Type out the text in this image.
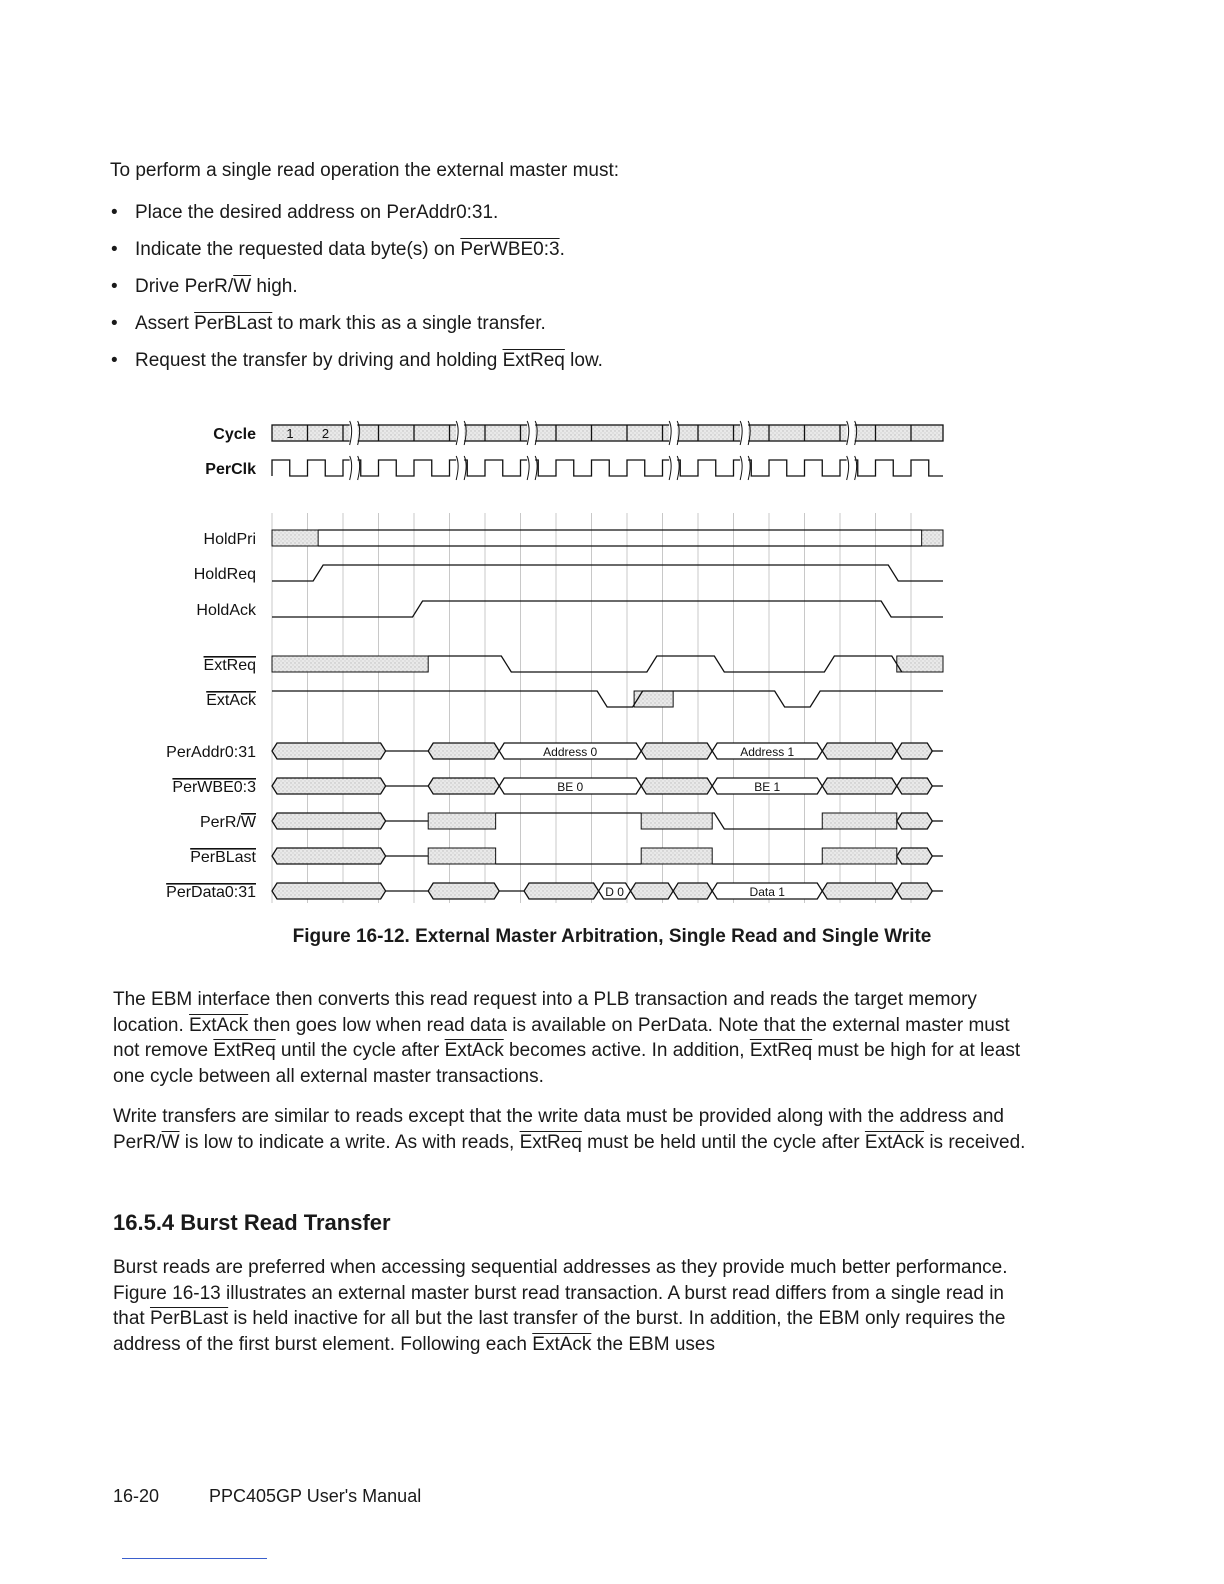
To perform a single read operation the external master must:
• Place the desired address on PerAddr0:31.
• Indicate the requested data byte(s) on PerWBE0:3.
• Drive PerR/$\overline{W}$ high.
• Assert PerBLast to mark this as a single transfer.
• Request the transfer by driving and holding ExtReq low.
Cycle
PerClk
HoldPri
HoldReq
HoldAck
ExtReq
ExtAck
PerAddr0:31
PerWBE0:3
PerR/W
PerBLast
PerData0:31
1 2
Address 0	Address 1
BE 0	BE 1
D 0	Data 1
Figure 16-12. External Master Arbitration, Single Read and Single Write

The EBM interface then converts this read request into a PLB transaction and reads the target memory location. ExtAck then goes low when read data is available on PerData. Note that the external master must not remove ExtReq until the cycle after ExtAck becomes active. In addition, ExtReq must be high for at least one cycle between all external master transactions.

Write transfers are similar to reads except that the write data must be provided along with the address and PerR/$\overline{W}$ is low to indicate a write. As with reads, ExtReq must be held until the cycle after ExtAck is received.

16.5.4 Burst Read Transfer

Burst reads are preferred when accessing sequential addresses as they provide much better performance. Figure 16-13 illustrates an external master burst read transaction. A burst read differs from a single read in that PerBLast is held inactive for all but the last transfer of the burst. In addition, the EBM only requires the address of the first burst element. Following each ExtAck the EBM uses

16-20	PPC405GP User's Manual
